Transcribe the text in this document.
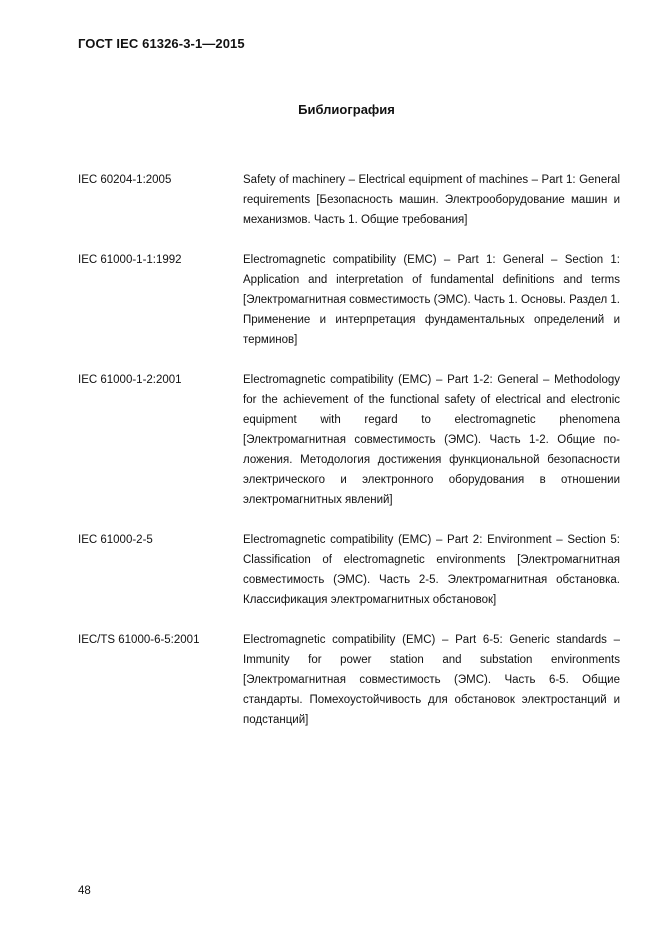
ГОСТ IEC 61326-3-1—2015
Библиография
IEC 60204-1:2005	Safety of machinery – Electrical equipment of machines – Part 1: General requirements [Безопасность машин. Электрооборудование машин и механизмов. Часть 1. Общие требования]
IEC 61000-1-1:1992	Electromagnetic compatibility (EMC) – Part 1: General – Section 1: Application and interpretation of fundamental definitions and terms [Электромагнитная совместимость (ЭМС). Часть 1. Основы. Раздел 1. Применение и интерпретация фундаментальных определений и терминов]
IEC 61000-1-2:2001	Electromagnetic compatibility (EMC) – Part 1-2: General – Methodology for the achievement of the functional safety of electrical and electronic equipment with regard to electromagnetic phenomena [Электромагнитная совместимость (ЭМС). Часть 1-2. Общие положения. Методология достижения функциональной безопасности электрического и электронного оборудования в отношении электромагнитных явлений]
IEC 61000-2-5	Electromagnetic compatibility (EMC) – Part 2: Environment – Section 5: Classification of electromagnetic environments [Электромагнитная совместимость (ЭМС). Часть 2-5. Электромагнитная обстановка. Классификация электромагнитных обстановок]
IEC/TS 61000-6-5:2001	Electromagnetic compatibility (EMC) – Part 6-5: Generic standards – Immunity for power station and substation environments [Электромагнитная совместимость (ЭМС). Часть 6-5. Общие стандарты. Помехоустойчивость для обстановок электростанций и подстанций]
48
